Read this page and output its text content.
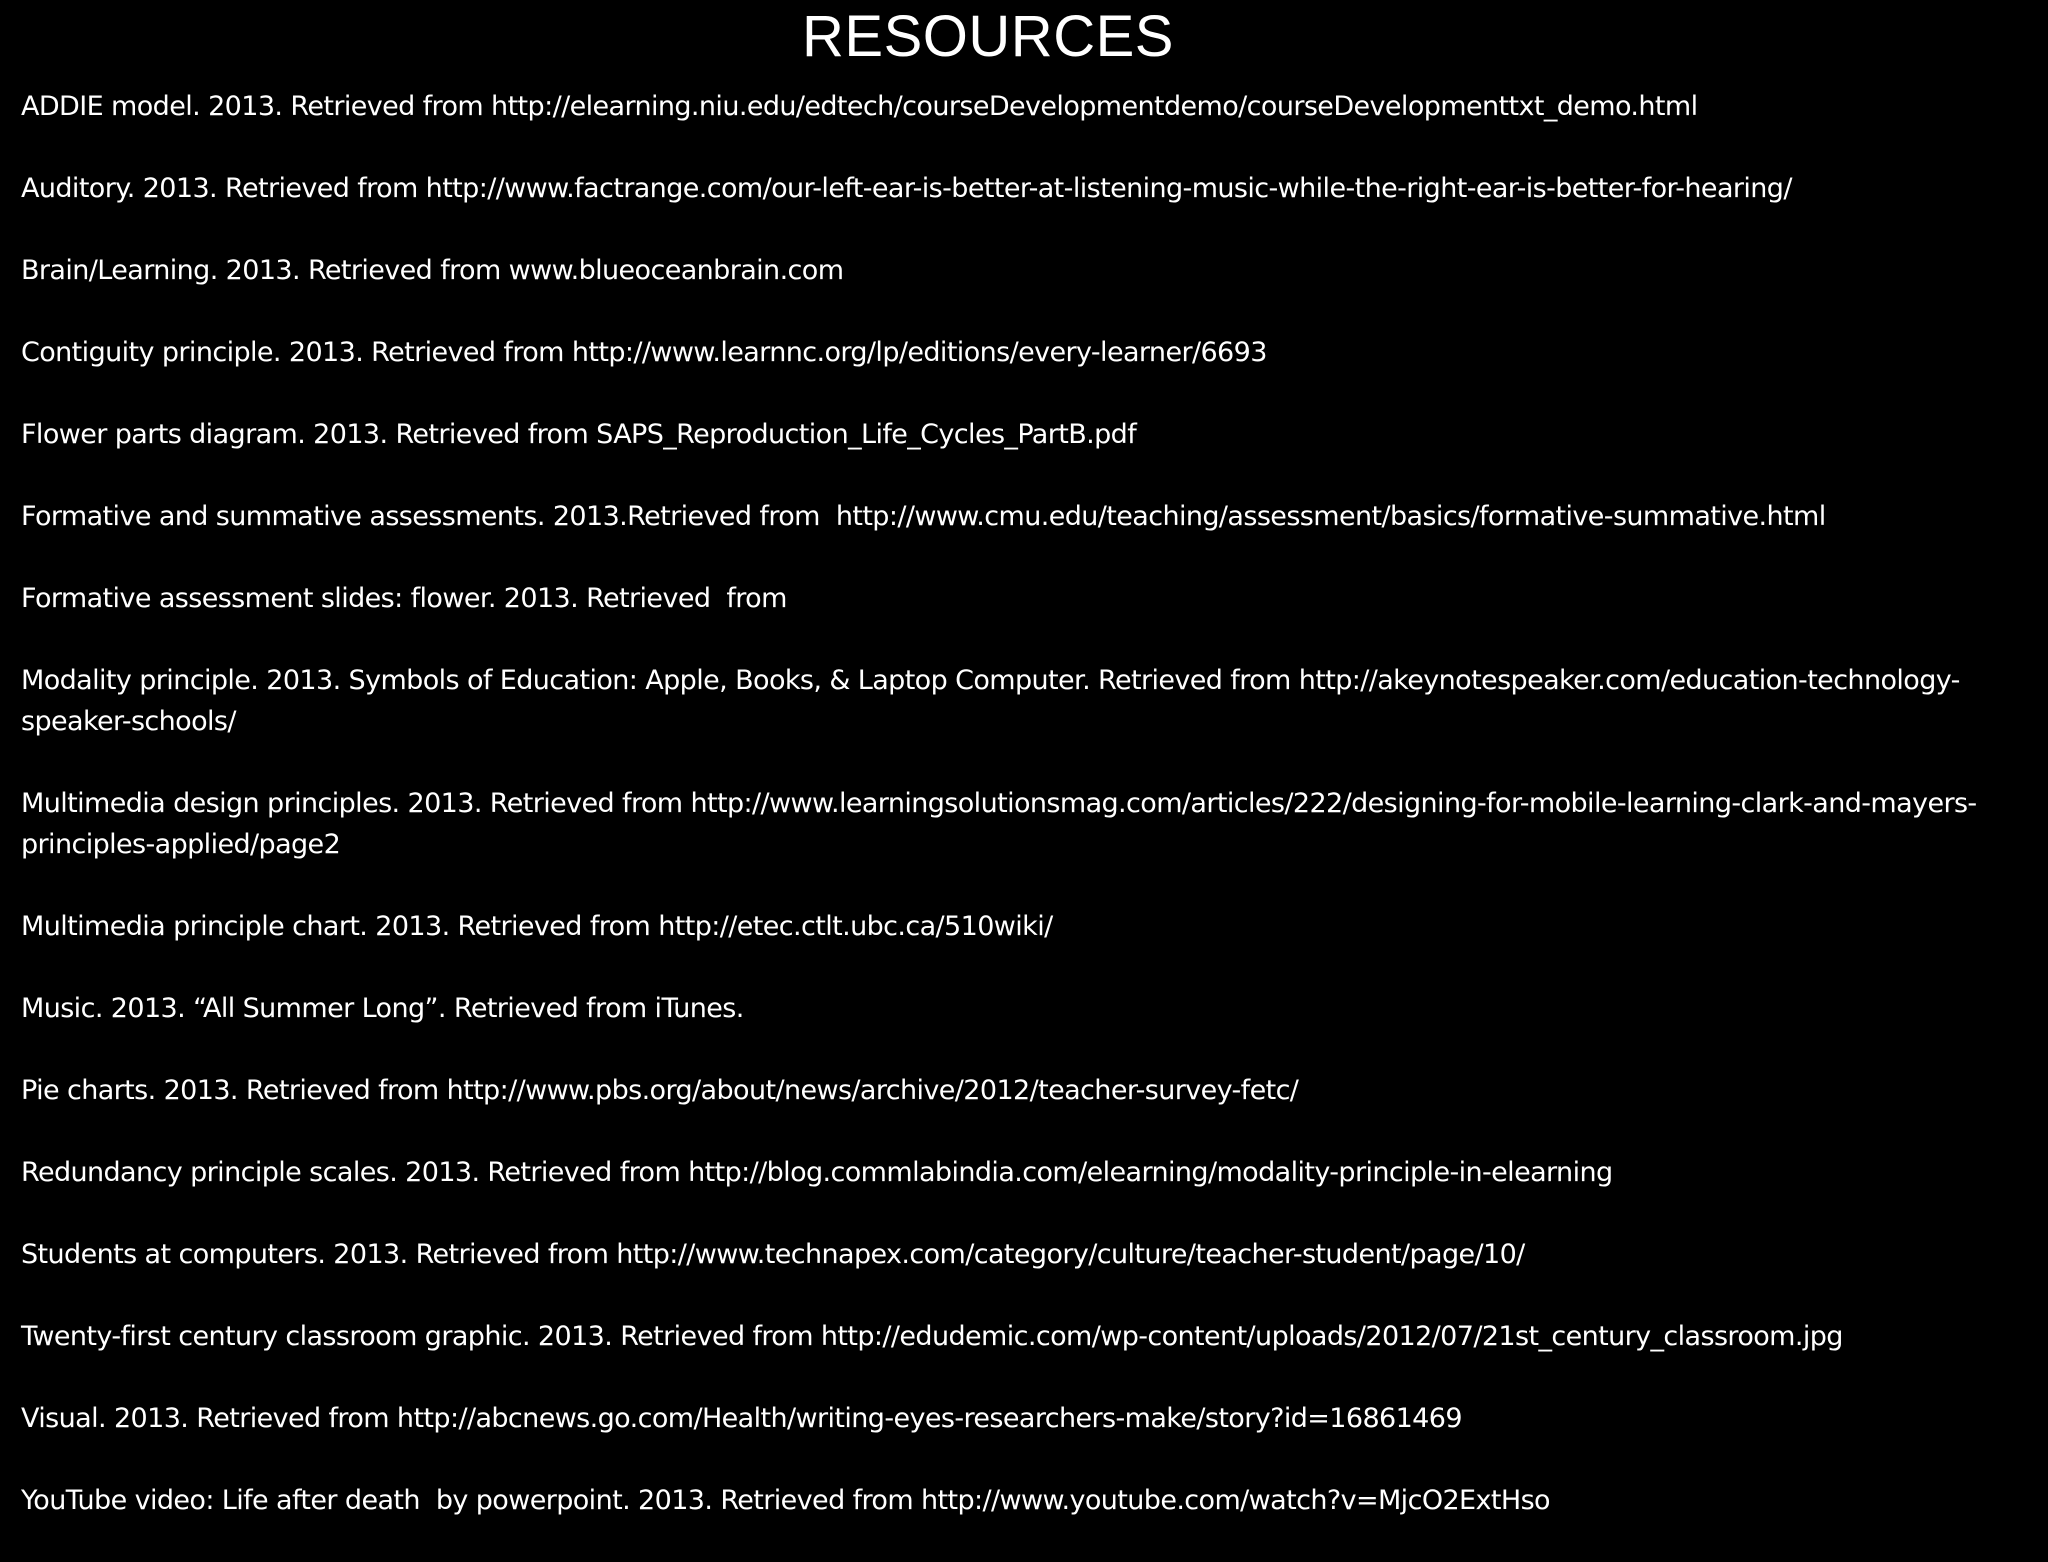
RESOURCES
ADDIE model. 2013. Retrieved from http://elearning.niu.edu/edtech/courseDevelopmentdemo/courseDevelopmenttxt_demo.html
Auditory. 2013. Retrieved from http://www.factrange.com/our-left-ear-is-better-at-listening-music-while-the-right-ear-is-better-for-hearing/
Brain/Learning. 2013. Retrieved from www.blueoceanbrain.com
Contiguity principle. 2013. Retrieved from http://www.learnnc.org/lp/editions/every-learner/6693
Flower parts diagram. 2013. Retrieved from SAPS_Reproduction_Life_Cycles_PartB.pdf
Formative and summative assessments. 2013.Retrieved from  http://www.cmu.edu/teaching/assessment/basics/formative-summative.html
Formative assessment slides: flower. 2013. Retrieved  from
Modality principle. 2013. Symbols of Education: Apple, Books, & Laptop Computer. Retrieved from http://akeynotespeaker.com/education-technology-speaker-schools/
Multimedia design principles. 2013. Retrieved from http://www.learningsolutionsmag.com/articles/222/designing-for-mobile-learning-clark-and-mayers-principles-applied/page2
Multimedia principle chart. 2013. Retrieved from http://etec.ctlt.ubc.ca/510wiki/
Music. 2013. “All Summer Long”. Retrieved from iTunes.
Pie charts. 2013. Retrieved from http://www.pbs.org/about/news/archive/2012/teacher-survey-fetc/
Redundancy principle scales. 2013. Retrieved from http://blog.commlabindia.com/elearning/modality-principle-in-elearning
Students at computers. 2013. Retrieved from http://www.technapex.com/category/culture/teacher-student/page/10/
Twenty-first century classroom graphic. 2013. Retrieved from http://edudemic.com/wp-content/uploads/2012/07/21st_century_classroom.jpg
Visual. 2013. Retrieved from http://abcnews.go.com/Health/writing-eyes-researchers-make/story?id=16861469
YouTube video: Life after death  by powerpoint. 2013. Retrieved from http://www.youtube.com/watch?v=MjcO2ExtHso
